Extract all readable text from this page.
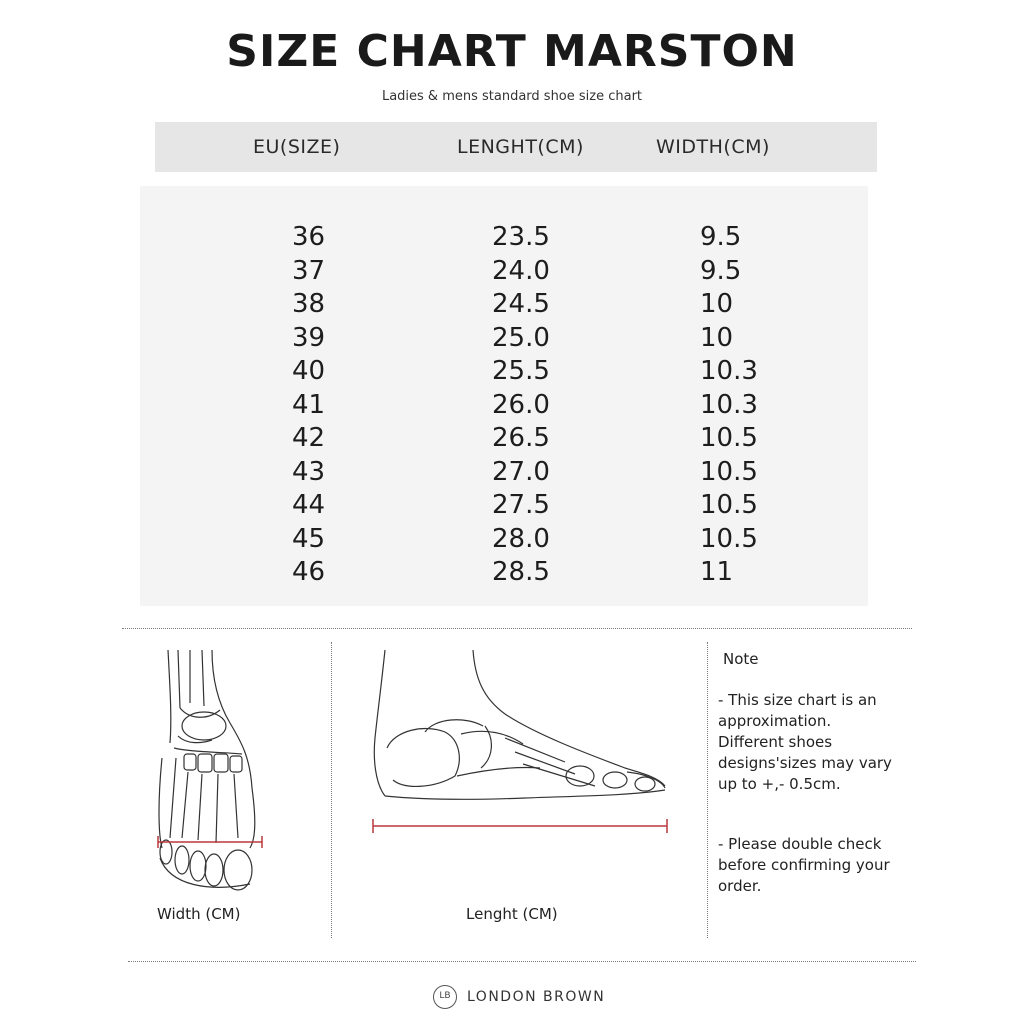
SIZE CHART MARSTON
Ladies & mens standard shoe size chart
EU(SIZE)	LENGHT(CM)	WIDTH(CM)
36	23.5	9.5
37	24.0	9.5
38	24.5	10
39	25.0	10
40	25.5	10.3
41	26.0	10.3
42	26.5	10.5
43	27.0	10.5
44	27.5	10.5
45	28.0	10.5
46	28.5	11
Width (CM)	Lenght (CM)
Note
- This size chart is an approximation. Different shoes designs'sizes may vary up to +,- 0.5cm.
- Please double check before confirming your order.
LB	LONDON BROWN
